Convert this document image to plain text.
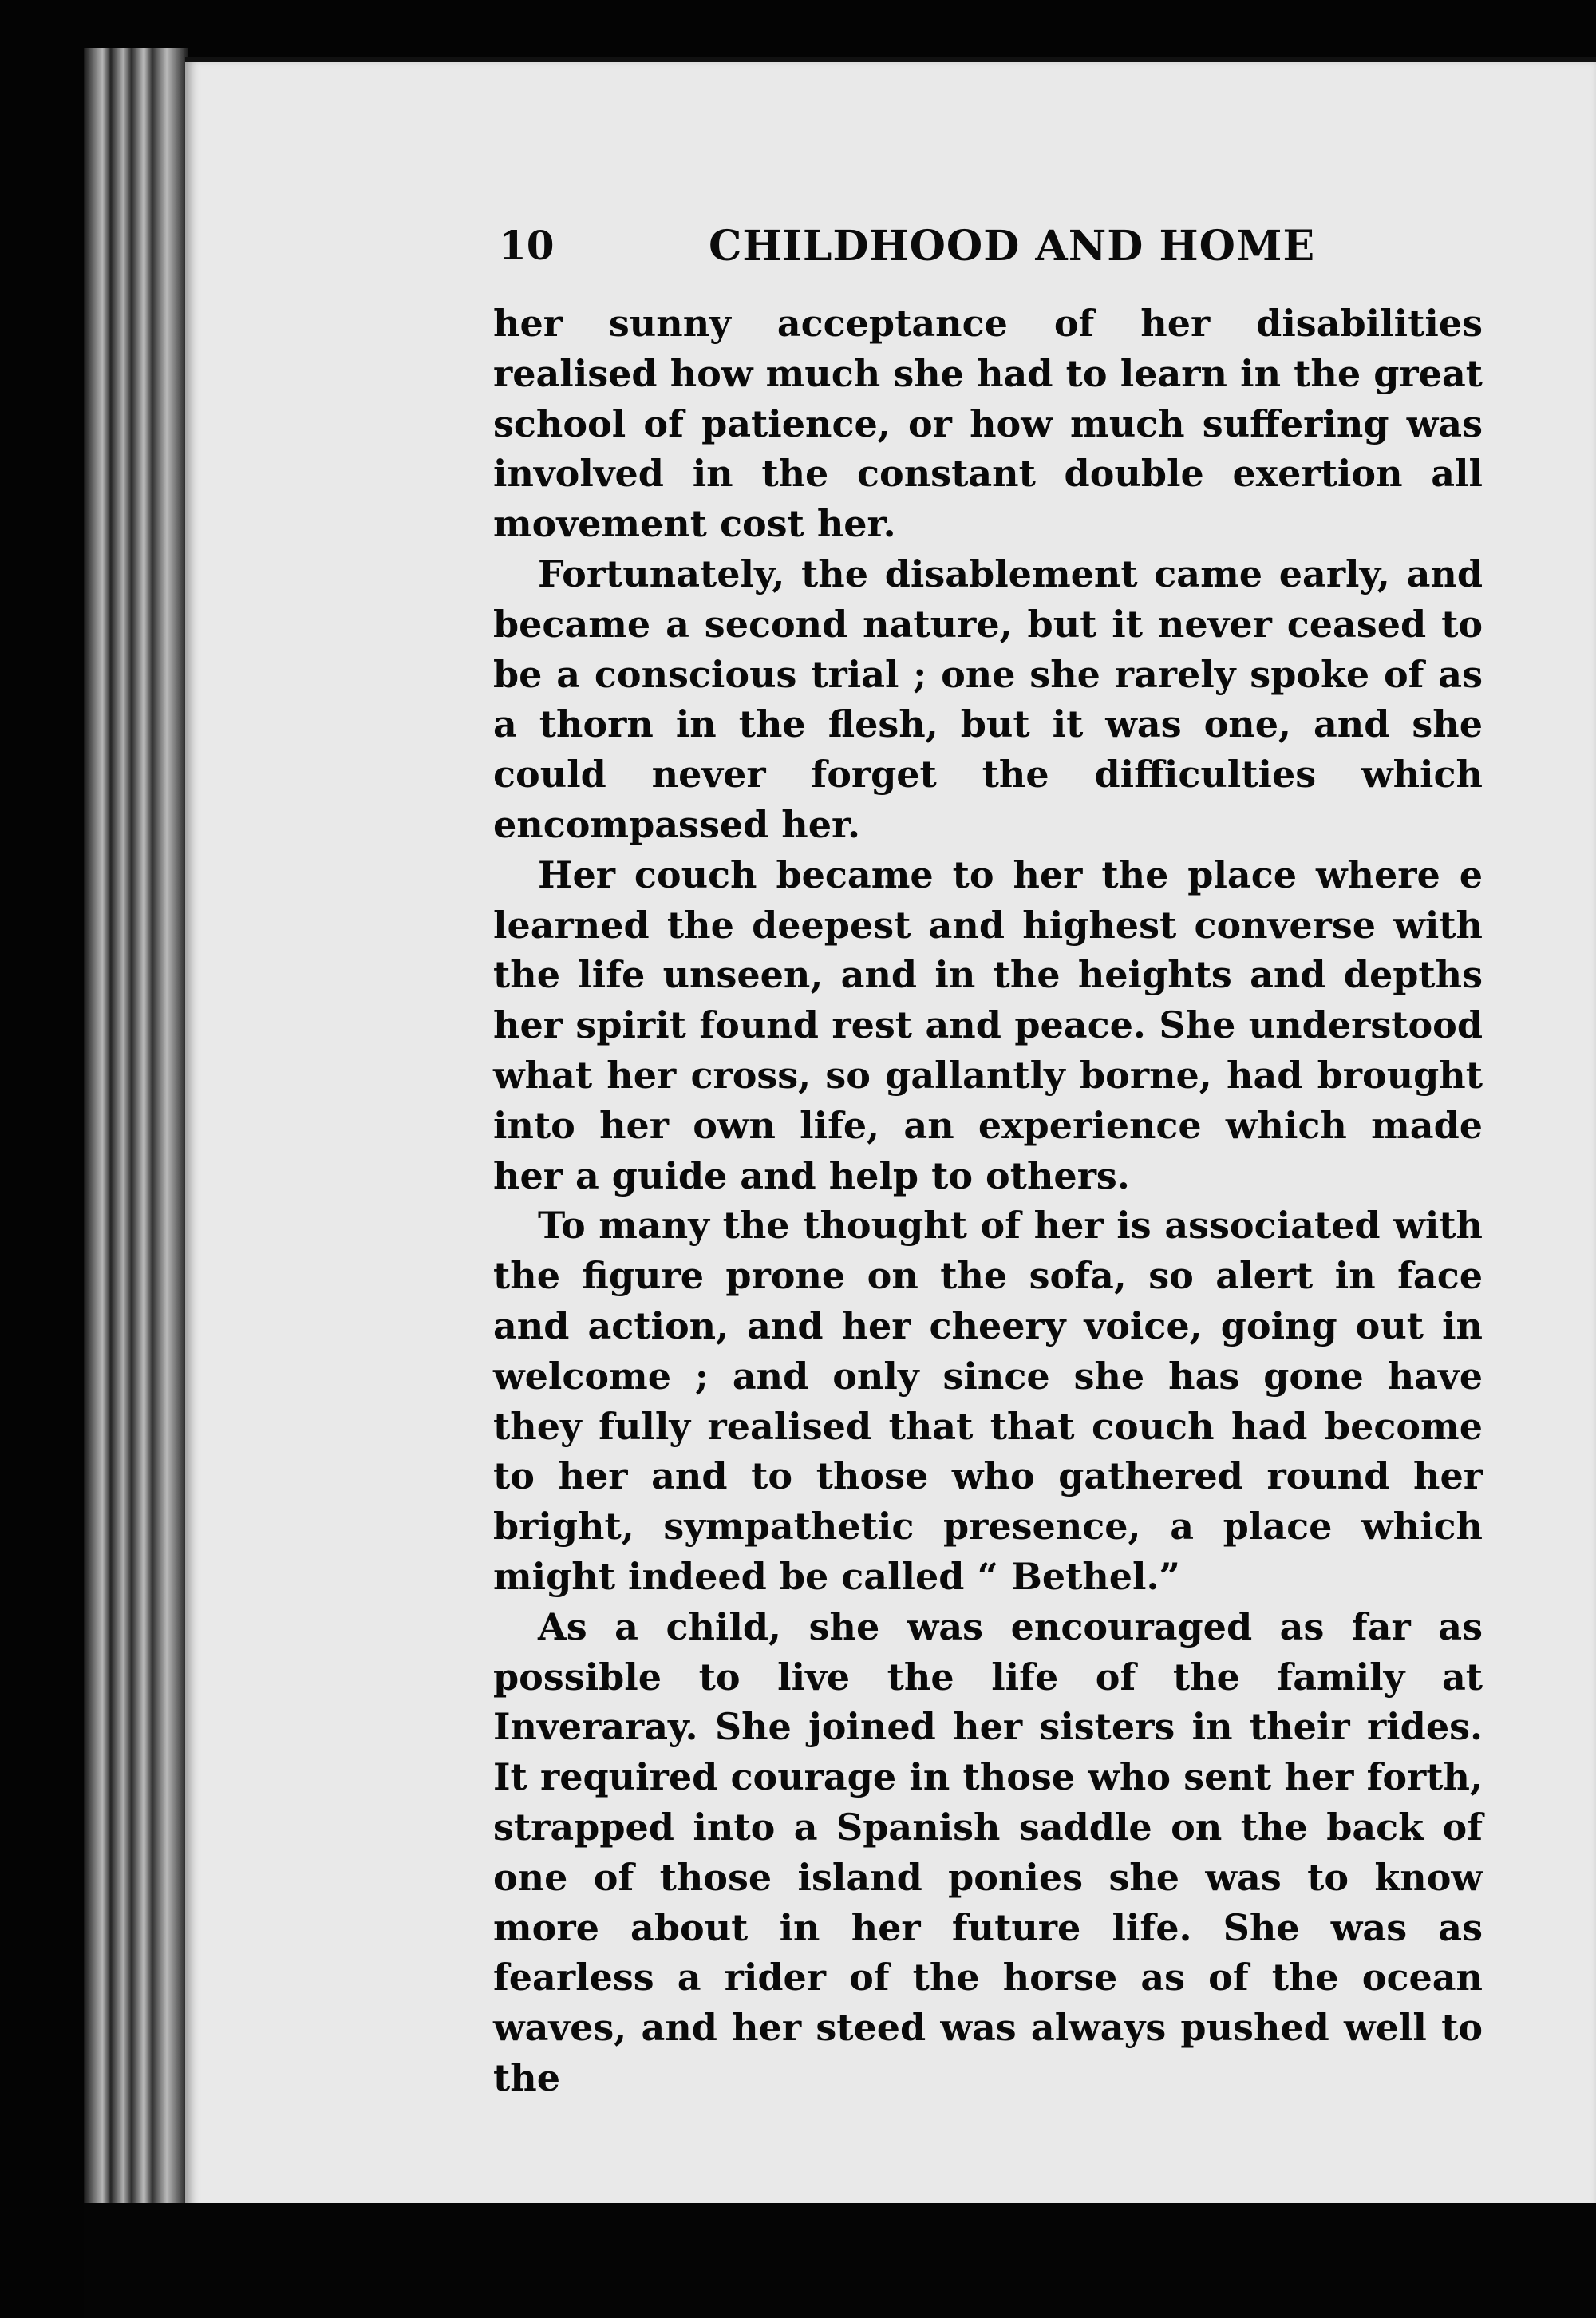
10	CHILDHOOD AND HOME

her sunny acceptance of her disabilities realised how much she had to learn in the great school of patience, or how much suffering was involved in the constant double exertion all movement cost her.

Fortunately, the disablement came early, and became a second nature, but it never ceased to be a conscious trial ; one she rarely spoke of as a thorn in the flesh, but it was one, and she could never forget the difficulties which encompassed her.

Her couch became to her the place where e learned the deepest and highest converse with the life unseen, and in the heights and depths her spirit found rest and peace. She understood what her cross, so gallantly borne, had brought into her own life, an experience which made her a guide and help to others.

To many the thought of her is associated with the figure prone on the sofa, so alert in face and action, and her cheery voice, going out in welcome ; and only since she has gone have they fully realised that that couch had become to her and to those who gathered round her bright, sympathetic presence, a place which might indeed be called “ Bethel.”

As a child, she was encouraged as far as possible to live the life of the family at Inveraray. She joined her sisters in their rides. It required courage in those who sent her forth, strapped into a Spanish saddle on the back of one of those island ponies she was to know more about in her future life. She was as fearless a rider of the horse as of the ocean waves, and her steed was always pushed well to the
